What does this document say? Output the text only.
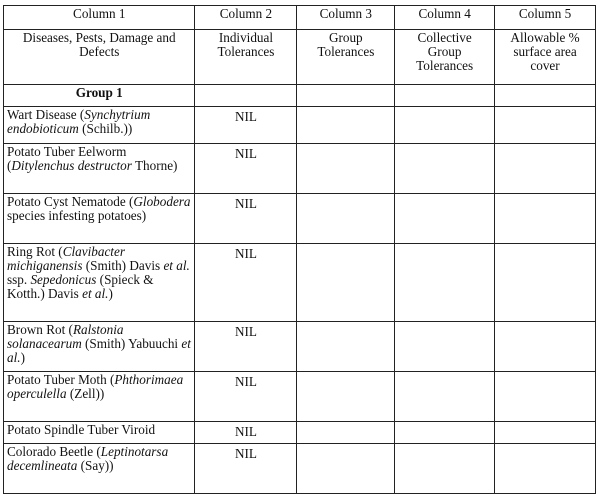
Column 1	Column 2	Column 3	Column 4	Column 5
Diseases, Pests, Damage and Defects	Individual Tolerances	Group Tolerances	Collective Group Tolerances	Allowable % surface area cover
Group 1				
Wart Disease (Synchytrium endobioticum (Schilb.))	NIL			
Potato Tuber Eelworm (Ditylenchus destructor Thorne)	NIL			
Potato Cyst Nematode (Globodera species infesting potatoes)	NIL			
Ring Rot (Clavibacter michiganensis (Smith) Davis et al. ssp. Sepedonicus (Spieck & Kotth.) Davis et al.)	NIL			
Brown Rot (Ralstonia solanacearum (Smith) Yabuuchi et al.)	NIL			
Potato Tuber Moth (Phthorimaea operculella (Zell))	NIL			
Potato Spindle Tuber Viroid	NIL			
Colorado Beetle (Leptinotarsa decemlineata (Say))	NIL			
